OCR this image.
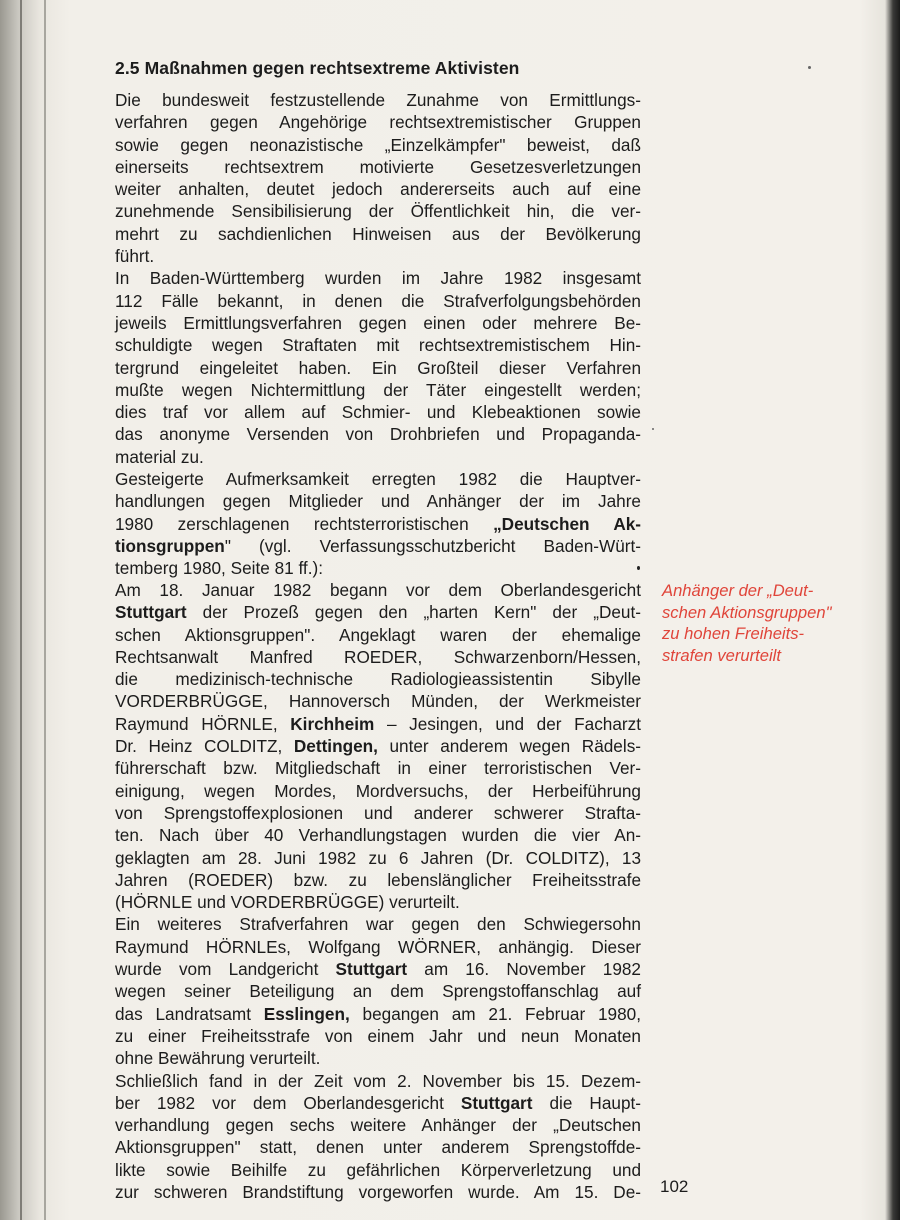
2.5 Maßnahmen gegen rechtsextreme Aktivisten
Die bundesweit festzustellende Zunahme von Ermittlungs-
verfahren gegen Angehörige rechtsextremistischer Gruppen
sowie gegen neonazistische „Einzelkämpfer" beweist, daß
einerseits rechtsextrem motivierte Gesetzesverletzungen
weiter anhalten, deutet jedoch andererseits auch auf eine
zunehmende Sensibilisierung der Öffentlichkeit hin, die ver-
mehrt zu sachdienlichen Hinweisen aus der Bevölkerung
führt.
In Baden-Württemberg wurden im Jahre 1982 insgesamt
112 Fälle bekannt, in denen die Strafverfolgungsbehörden
jeweils Ermittlungsverfahren gegen einen oder mehrere Be-
schuldigte wegen Straftaten mit rechtsextremistischem Hin-
tergrund eingeleitet haben. Ein Großteil dieser Verfahren
mußte wegen Nichtermittlung der Täter eingestellt werden;
dies traf vor allem auf Schmier- und Klebeaktionen sowie
das anonyme Versenden von Drohbriefen und Propaganda-
material zu.
Gesteigerte Aufmerksamkeit erregten 1982 die Hauptver-
handlungen gegen Mitglieder und Anhänger der im Jahre
1980 zerschlagenen rechtsterroristischen „Deutschen Ak-
tionsgruppen" (vgl. Verfassungsschutzbericht Baden-Würt-
temberg 1980, Seite 81 ff.):
Am 18. Januar 1982 begann vor dem Oberlandesgericht
Stuttgart der Prozeß gegen den „harten Kern" der „Deut-
schen Aktionsgruppen". Angeklagt waren der ehemalige
Rechtsanwalt Manfred ROEDER, Schwarzenborn/Hessen,
die medizinisch-technische Radiologieassistentin Sibylle
VORDERBRÜGGE, Hannoversch Münden, der Werkmeister
Raymund HÖRNLE, Kirchheim – Jesingen, und der Facharzt
Dr. Heinz COLDITZ, Dettingen, unter anderem wegen Rädels-
führerschaft bzw. Mitgliedschaft in einer terroristischen Ver-
einigung, wegen Mordes, Mordversuchs, der Herbeiführung
von Sprengstoffexplosionen und anderer schwerer Strafta-
ten. Nach über 40 Verhandlungstagen wurden die vier An-
geklagten am 28. Juni 1982 zu 6 Jahren (Dr. COLDITZ), 13
Jahren (ROEDER) bzw. zu lebenslänglicher Freiheitsstrafe
(HÖRNLE und VORDERBRÜGGE) verurteilt.
Ein weiteres Strafverfahren war gegen den Schwiegersohn
Raymund HÖRNLEs, Wolfgang WÖRNER, anhängig. Dieser
wurde vom Landgericht Stuttgart am 16. November 1982
wegen seiner Beteiligung an dem Sprengstoffanschlag auf
das Landratsamt Esslingen, begangen am 21. Februar 1980,
zu einer Freiheitsstrafe von einem Jahr und neun Monaten
ohne Bewährung verurteilt.
Schließlich fand in der Zeit vom 2. November bis 15. Dezem-
ber 1982 vor dem Oberlandesgericht Stuttgart die Haupt-
verhandlung gegen sechs weitere Anhänger der „Deutschen
Aktionsgruppen" statt, denen unter anderem Sprengstoffde-
likte sowie Beihilfe zu gefährlichen Körperverletzung und
zur schweren Brandstiftung vorgeworfen wurde. Am 15. De-
Anhänger der „Deut-
schen Aktionsgruppen"
zu hohen Freiheits-
strafen verurteilt
102
